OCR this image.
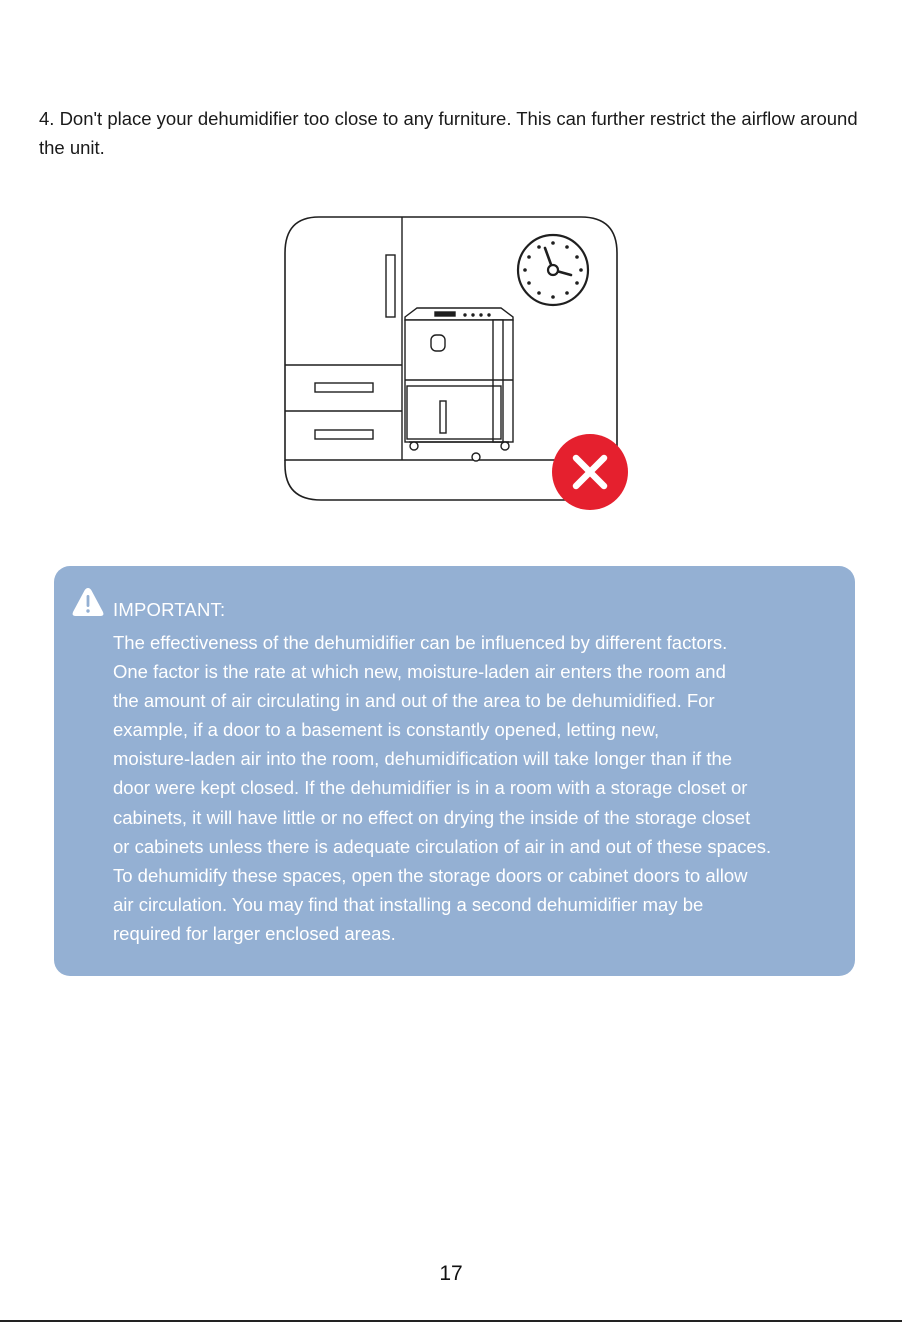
4. Don't place your dehumidifier too close to any furniture. This can further restrict the airflow around the unit.

IMPORTANT:

The effectiveness of the dehumidifier can be influenced by different factors.
One factor is the rate at which new, moisture-laden air enters the room and
the amount of air circulating in and out of the area to be dehumidified. For
example, if a door to a basement is constantly opened, letting new,
moisture-laden air into the room, dehumidification will take longer than if the
door were kept closed. If the dehumidifier is in a room with a storage closet or
cabinets, it will have little or no effect on drying the inside of the storage closet
or cabinets unless there is adequate circulation of air in and out of these spaces.
To dehumidify these spaces, open the storage doors or cabinet doors to allow
air circulation. You may find that installing a second dehumidifier may be
required for larger enclosed areas.
17
